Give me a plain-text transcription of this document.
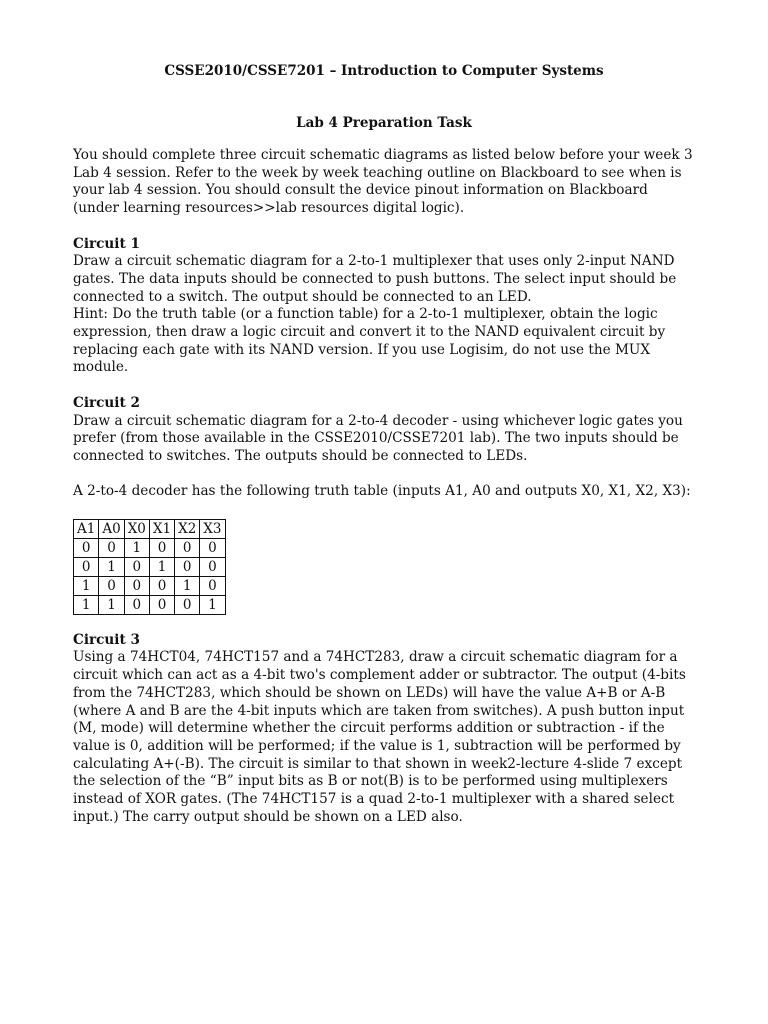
CSSE2010/CSSE7201 – Introduction to Computer Systems
Lab 4 Preparation Task

You should complete three circuit schematic diagrams as listed below before your week 3 Lab 4 session. Refer to the week by week teaching outline on Blackboard to see when is your lab 4 session. You should consult the device pinout information on Blackboard (under learning resources>>lab resources digital logic).

Circuit 1
Draw a circuit schematic diagram for a 2-to-1 multiplexer that uses only 2-input NAND gates. The data inputs should be connected to push buttons. The select input should be connected to a switch. The output should be connected to an LED.
Hint: Do the truth table (or a function table) for a 2-to-1 multiplexer, obtain the logic expression, then draw a logic circuit and convert it to the NAND equivalent circuit by replacing each gate with its NAND version. If you use Logisim, do not use the MUX module.

Circuit 2
Draw a circuit schematic diagram for a 2-to-4 decoder - using whichever logic gates you prefer (from those available in the CSSE2010/CSSE7201 lab). The two inputs should be connected to switches. The outputs should be connected to LEDs.

A 2-to-4 decoder has the following truth table (inputs A1, A0 and outputs X0, X1, X2, X3):

A1	A0	X0	X1	X2	X3
0	0	1	0	0	0
0	1	0	1	0	0
1	0	0	0	1	0
1	1	0	0	0	1

Circuit 3
Using a 74HCT04, 74HCT157 and a 74HCT283, draw a circuit schematic diagram for a circuit which can act as a 4-bit two's complement adder or subtractor. The output (4-bits from the 74HCT283, which should be shown on LEDs) will have the value A+B or A-B (where A and B are the 4-bit inputs which are taken from switches). A push button input (M, mode) will determine whether the circuit performs addition or subtraction - if the value is 0, addition will be performed; if the value is 1, subtraction will be performed by calculating A+(-B). The circuit is similar to that shown in week2-lecture 4-slide 7 except the selection of the “B” input bits as B or not(B) is to be performed using multiplexers instead of XOR gates. (The 74HCT157 is a quad 2-to-1 multiplexer with a shared select input.) The carry output should be shown on a LED also.
